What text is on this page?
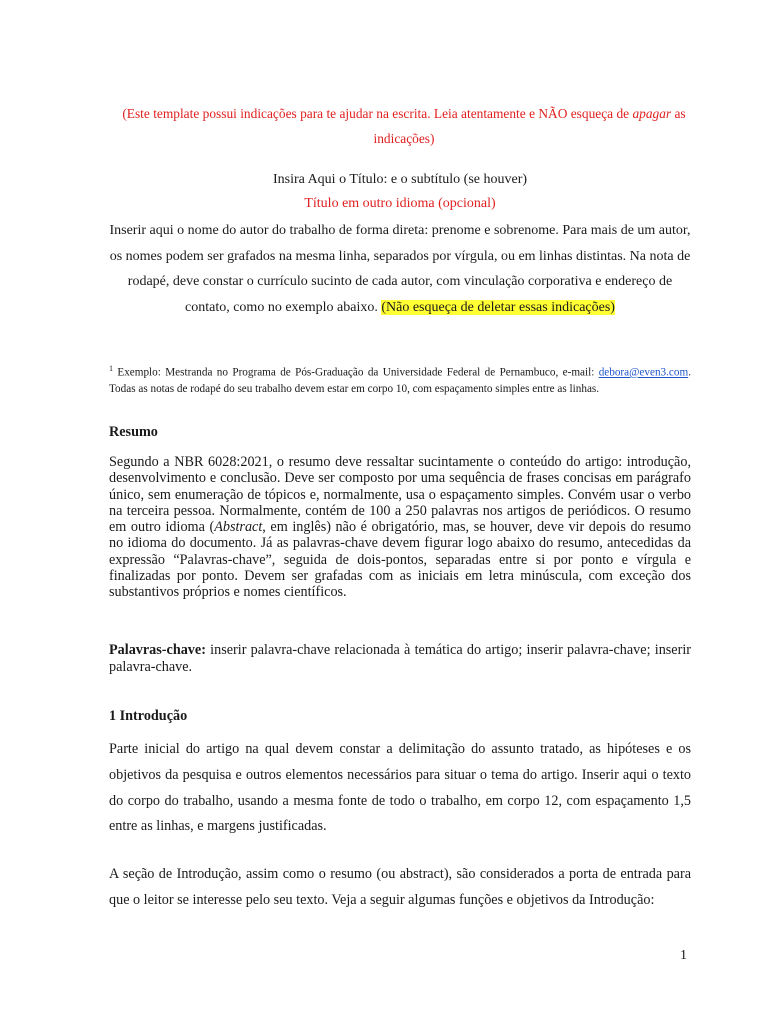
(Este template possui indicações para te ajudar na escrita. Leia atentamente e NÃO esqueça de apagar as indicações)

Insira Aqui o Título: e o subtítulo (se houver)

Título em outro idioma (opcional)

Inserir aqui o nome do autor do trabalho de forma direta: prenome e sobrenome. Para mais de um autor, os nomes podem ser grafados na mesma linha, separados por vírgula, ou em linhas distintas. Na nota de rodapé, deve constar o currículo sucinto de cada autor, com vinculação corporativa e endereço de contato, como no exemplo abaixo. (Não esqueça de deletar essas indicações)

$^1$ Exemplo: Mestranda no Programa de Pós-Graduação da Universidade Federal de Pernambuco, e-mail: debora@even3.com. Todas as notas de rodapé do seu trabalho devem estar em corpo 10, com espaçamento simples entre as linhas.

Resumo

Segundo a NBR 6028:2021, o resumo deve ressaltar sucintamente o conteúdo do artigo: introdução, desenvolvimento e conclusão. Deve ser composto por uma sequência de frases concisas em parágrafo único, sem enumeração de tópicos e, normalmente, usa o espaçamento simples. Convém usar o verbo na terceira pessoa. Normalmente, contém de 100 a 250 palavras nos artigos de periódicos. O resumo em outro idioma (Abstract, em inglês) não é obrigatório, mas, se houver, deve vir depois do resumo no idioma do documento. Já as palavras-chave devem figurar logo abaixo do resumo, antecedidas da expressão “Palavras-chave”, seguida de dois-pontos, separadas entre si por ponto e vírgula e finalizadas por ponto. Devem ser grafadas com as iniciais em letra minúscula, com exceção dos substantivos próprios e nomes científicos.

Palavras-chave: inserir palavra-chave relacionada à temática do artigo; inserir palavra-chave; inserir palavra-chave.

1 Introdução

Parte inicial do artigo na qual devem constar a delimitação do assunto tratado, as hipóteses e os objetivos da pesquisa e outros elementos necessários para situar o tema do artigo. Inserir aqui o texto do corpo do trabalho, usando a mesma fonte de todo o trabalho, em corpo 12, com espaçamento 1,5 entre as linhas, e margens justificadas.

A seção de Introdução, assim como o resumo (ou abstract), são considerados a porta de entrada para que o leitor se interesse pelo seu texto. Veja a seguir algumas funções e objetivos da Introdução:

1
